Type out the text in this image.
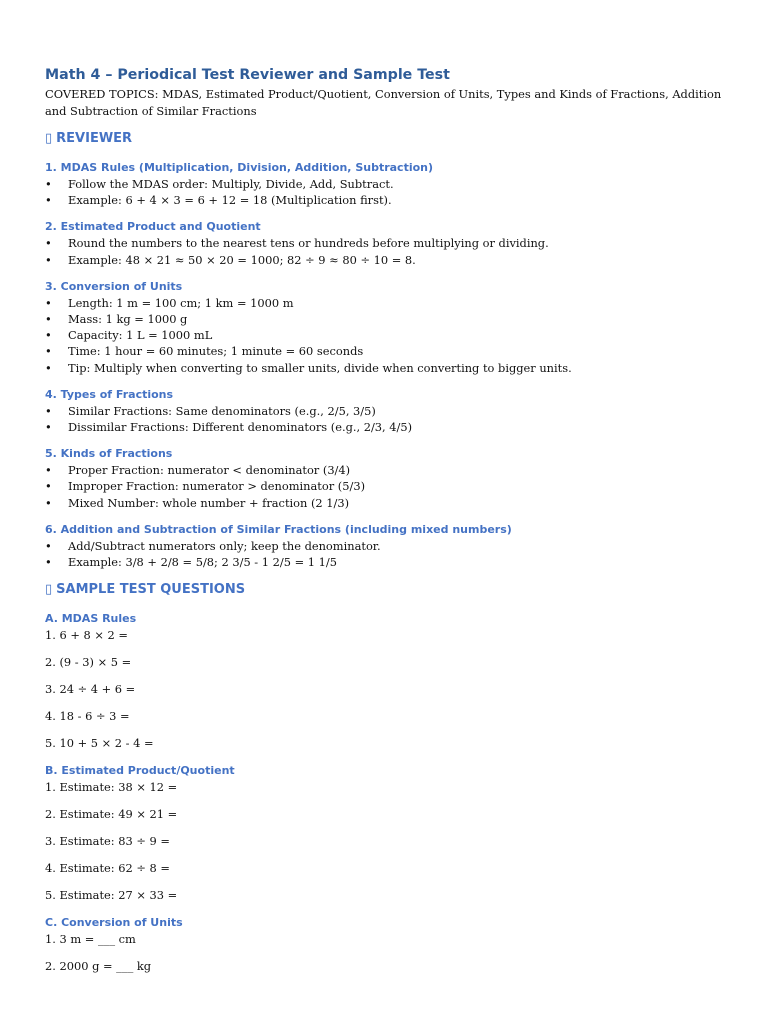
Math 4 – Periodical Test Reviewer and Sample Test

COVERED TOPICS: MDAS, Estimated Product/Quotient, Conversion of Units, Types and Kinds of Fractions, Addition and Subtraction of Similar Fractions

▯ REVIEWER
1. MDAS Rules (Multiplication, Division, Addition, Subtraction)
• Follow the MDAS order: Multiply, Divide, Add, Subtract.
• Example: 6 + 4 × 3 = 6 + 12 = 18 (Multiplication first).
2. Estimated Product and Quotient
• Round the numbers to the nearest tens or hundreds before multiplying or dividing.
• Example: 48 × 21 ≈ 50 × 20 = 1000; 82 ÷ 9 ≈ 80 ÷ 10 = 8.
3. Conversion of Units
• Length: 1 m = 100 cm; 1 km = 1000 m
• Mass: 1 kg = 1000 g
• Capacity: 1 L = 1000 mL
• Time: 1 hour = 60 minutes; 1 minute = 60 seconds
• Tip: Multiply when converting to smaller units, divide when converting to bigger units.
4. Types of Fractions
• Similar Fractions: Same denominators (e.g., 2/5, 3/5)
• Dissimilar Fractions: Different denominators (e.g., 2/3, 4/5)
5. Kinds of Fractions
• Proper Fraction: numerator < denominator (3/4)
• Improper Fraction: numerator > denominator (5/3)
• Mixed Number: whole number + fraction (2 1/3)
6. Addition and Subtraction of Similar Fractions (including mixed numbers)
• Add/Subtract numerators only; keep the denominator.
• Example: 3/8 + 2/8 = 5/8; 2 3/5 - 1 2/5 = 1 1/5
▯ SAMPLE TEST QUESTIONS
A. MDAS Rules

1. 6 + 8 × 2 =

2. (9 - 3) × 5 =

3. 24 ÷ 4 + 6 =

4. 18 - 6 ÷ 3 =

5. 10 + 5 × 2 - 4 =

B. Estimated Product/Quotient

1. Estimate: 38 × 12 =

2. Estimate: 49 × 21 =

3. Estimate: 83 ÷ 9 =

4. Estimate: 62 ÷ 8 =

5. Estimate: 27 × 33 =

C. Conversion of Units

1. 3 m = ___ cm

2. 2000 g = ___ kg
